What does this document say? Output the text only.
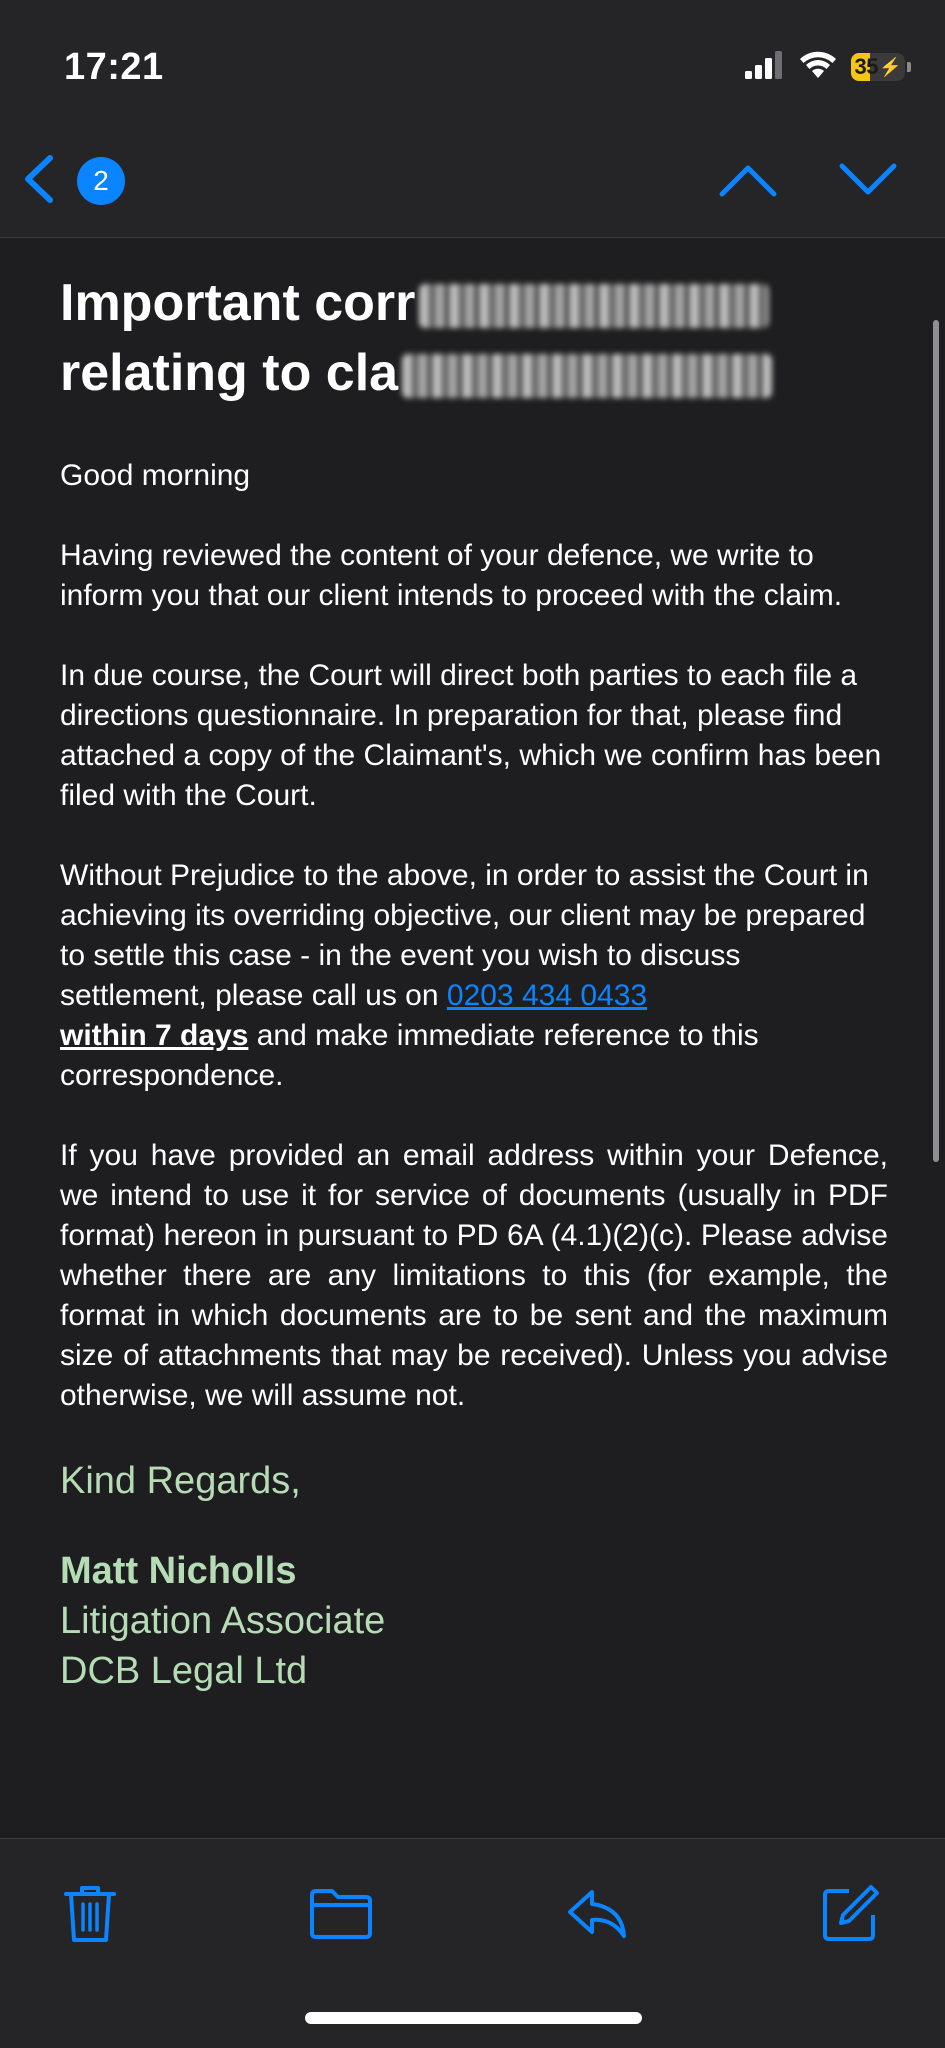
17:21	35 ⚡
2
Important corr
relating to cla

Good morning

Having reviewed the content of your defence, we write to inform you that our client intends to proceed with the claim.

In due course, the Court will direct both parties to each file a directions questionnaire. In preparation for that, please find attached a copy of the Claimant's, which we confirm has been filed with the Court.

Without Prejudice to the above, in order to assist the Court in achieving its overriding objective, our client may be prepared to settle this case - in the event you wish to discuss settlement, please call us on 0203 434 0433
within 7 days and make immediate reference to this correspondence.

If you have provided an email address within your Defence, we intend to use it for service of documents (usually in PDF format) hereon in pursuant to PD 6A (4.1)(2)(c). Please advise whether there are any limitations to this (for example, the format in which documents are to be sent and the maximum size of attachments that may be received). Unless you advise otherwise, we will assume not.

Kind Regards,

Matt Nicholls
Litigation Associate
DCB Legal Ltd
